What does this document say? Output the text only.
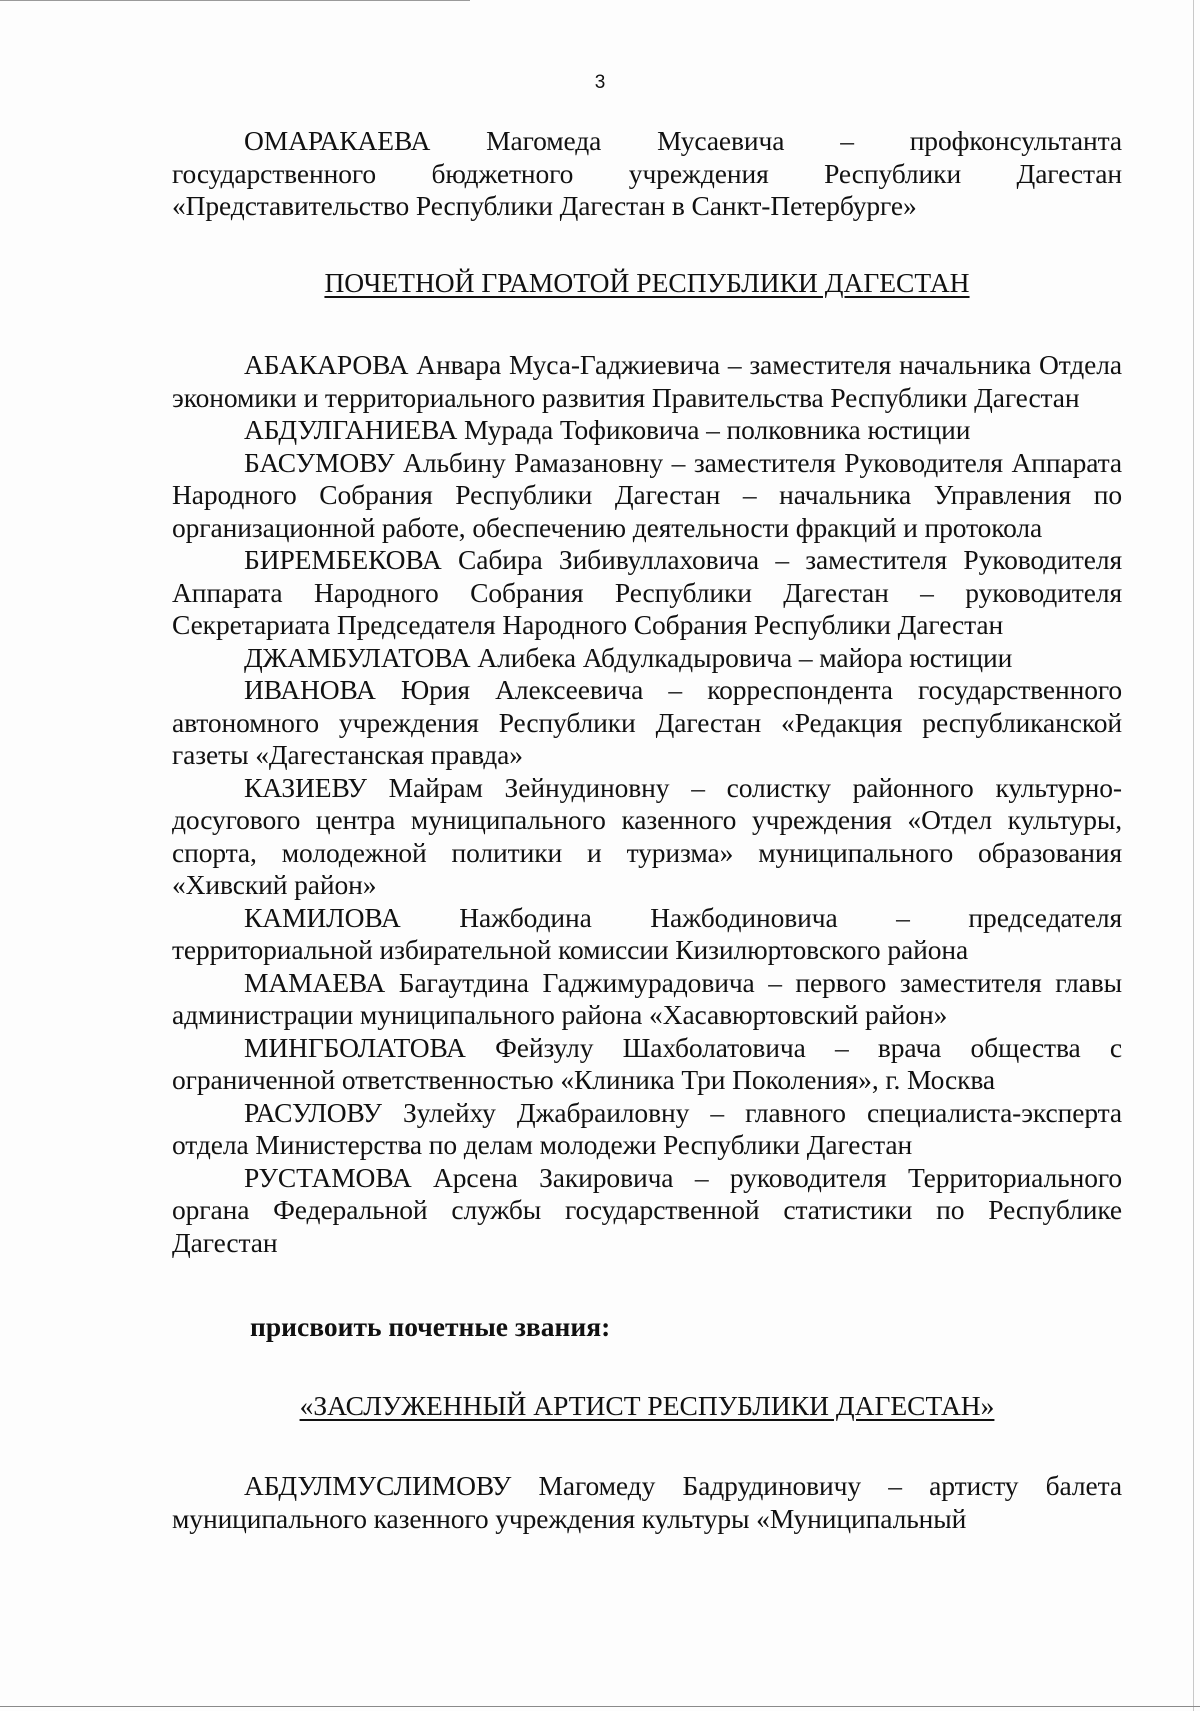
3

ОМАРАКАЕВА Магомеда Мусаевича – профконсультанта государственного бюджетного учреждения Республики Дагестан «Представительство Республики Дагестан в Санкт-Петербурге»

ПОЧЕТНОЙ ГРАМОТОЙ РЕСПУБЛИКИ ДАГЕСТАН

АБАКАРОВА Анвара Муса-Гаджиевича – заместителя начальника Отдела экономики и территориального развития Правительства Республики Дагестан

АБДУЛГАНИЕВА Мурада Тофиковича – полковника юстиции

БАСУМОВУ Альбину Рамазановну – заместителя Руководителя Аппарата Народного Собрания Республики Дагестан – начальника Управления по организационной работе, обеспечению деятельности фракций и протокола

БИРЕМБЕКОВА Сабира Зибивуллаховича – заместителя Руководителя Аппарата Народного Собрания Республики Дагестан – руководителя Секретариата Председателя Народного Собрания Республики Дагестан

ДЖАМБУЛАТОВА Алибека Абдулкадыровича – майора юстиции

ИВАНОВА Юрия Алексеевича – корреспондента государственного автономного учреждения Республики Дагестан «Редакция республиканской газеты «Дагестанская правда»

КАЗИЕВУ Майрам Зейнудиновну – солистку районного культурно-досугового центра муниципального казенного учреждения «Отдел культуры, спорта, молодежной политики и туризма» муниципального образования «Хивский район»

КАМИЛОВА Нажбодина Нажбодиновича – председателя территориальной избирательной комиссии Кизилюртовского района

МАМАЕВА Багаутдина Гаджимурадовича – первого заместителя главы администрации муниципального района «Хасавюртовский район»

МИНГБОЛАТОВА Фейзулу Шахболатовича – врача общества с ограниченной ответственностью «Клиника Три Поколения», г. Москва

РАСУЛОВУ Зулейху Джабраиловну – главного специалиста-эксперта отдела Министерства по делам молодежи Республики Дагестан

РУСТАМОВА Арсена Закировича – руководителя Территориального органа Федеральной службы государственной статистики по Республике Дагестан

присвоить почетные звания:

«ЗАСЛУЖЕННЫЙ АРТИСТ РЕСПУБЛИКИ ДАГЕСТАН»

АБДУЛМУСЛИМОВУ Магомеду Бадрудиновичу – артисту балета муниципального казенного учреждения культуры «Муниципальный
